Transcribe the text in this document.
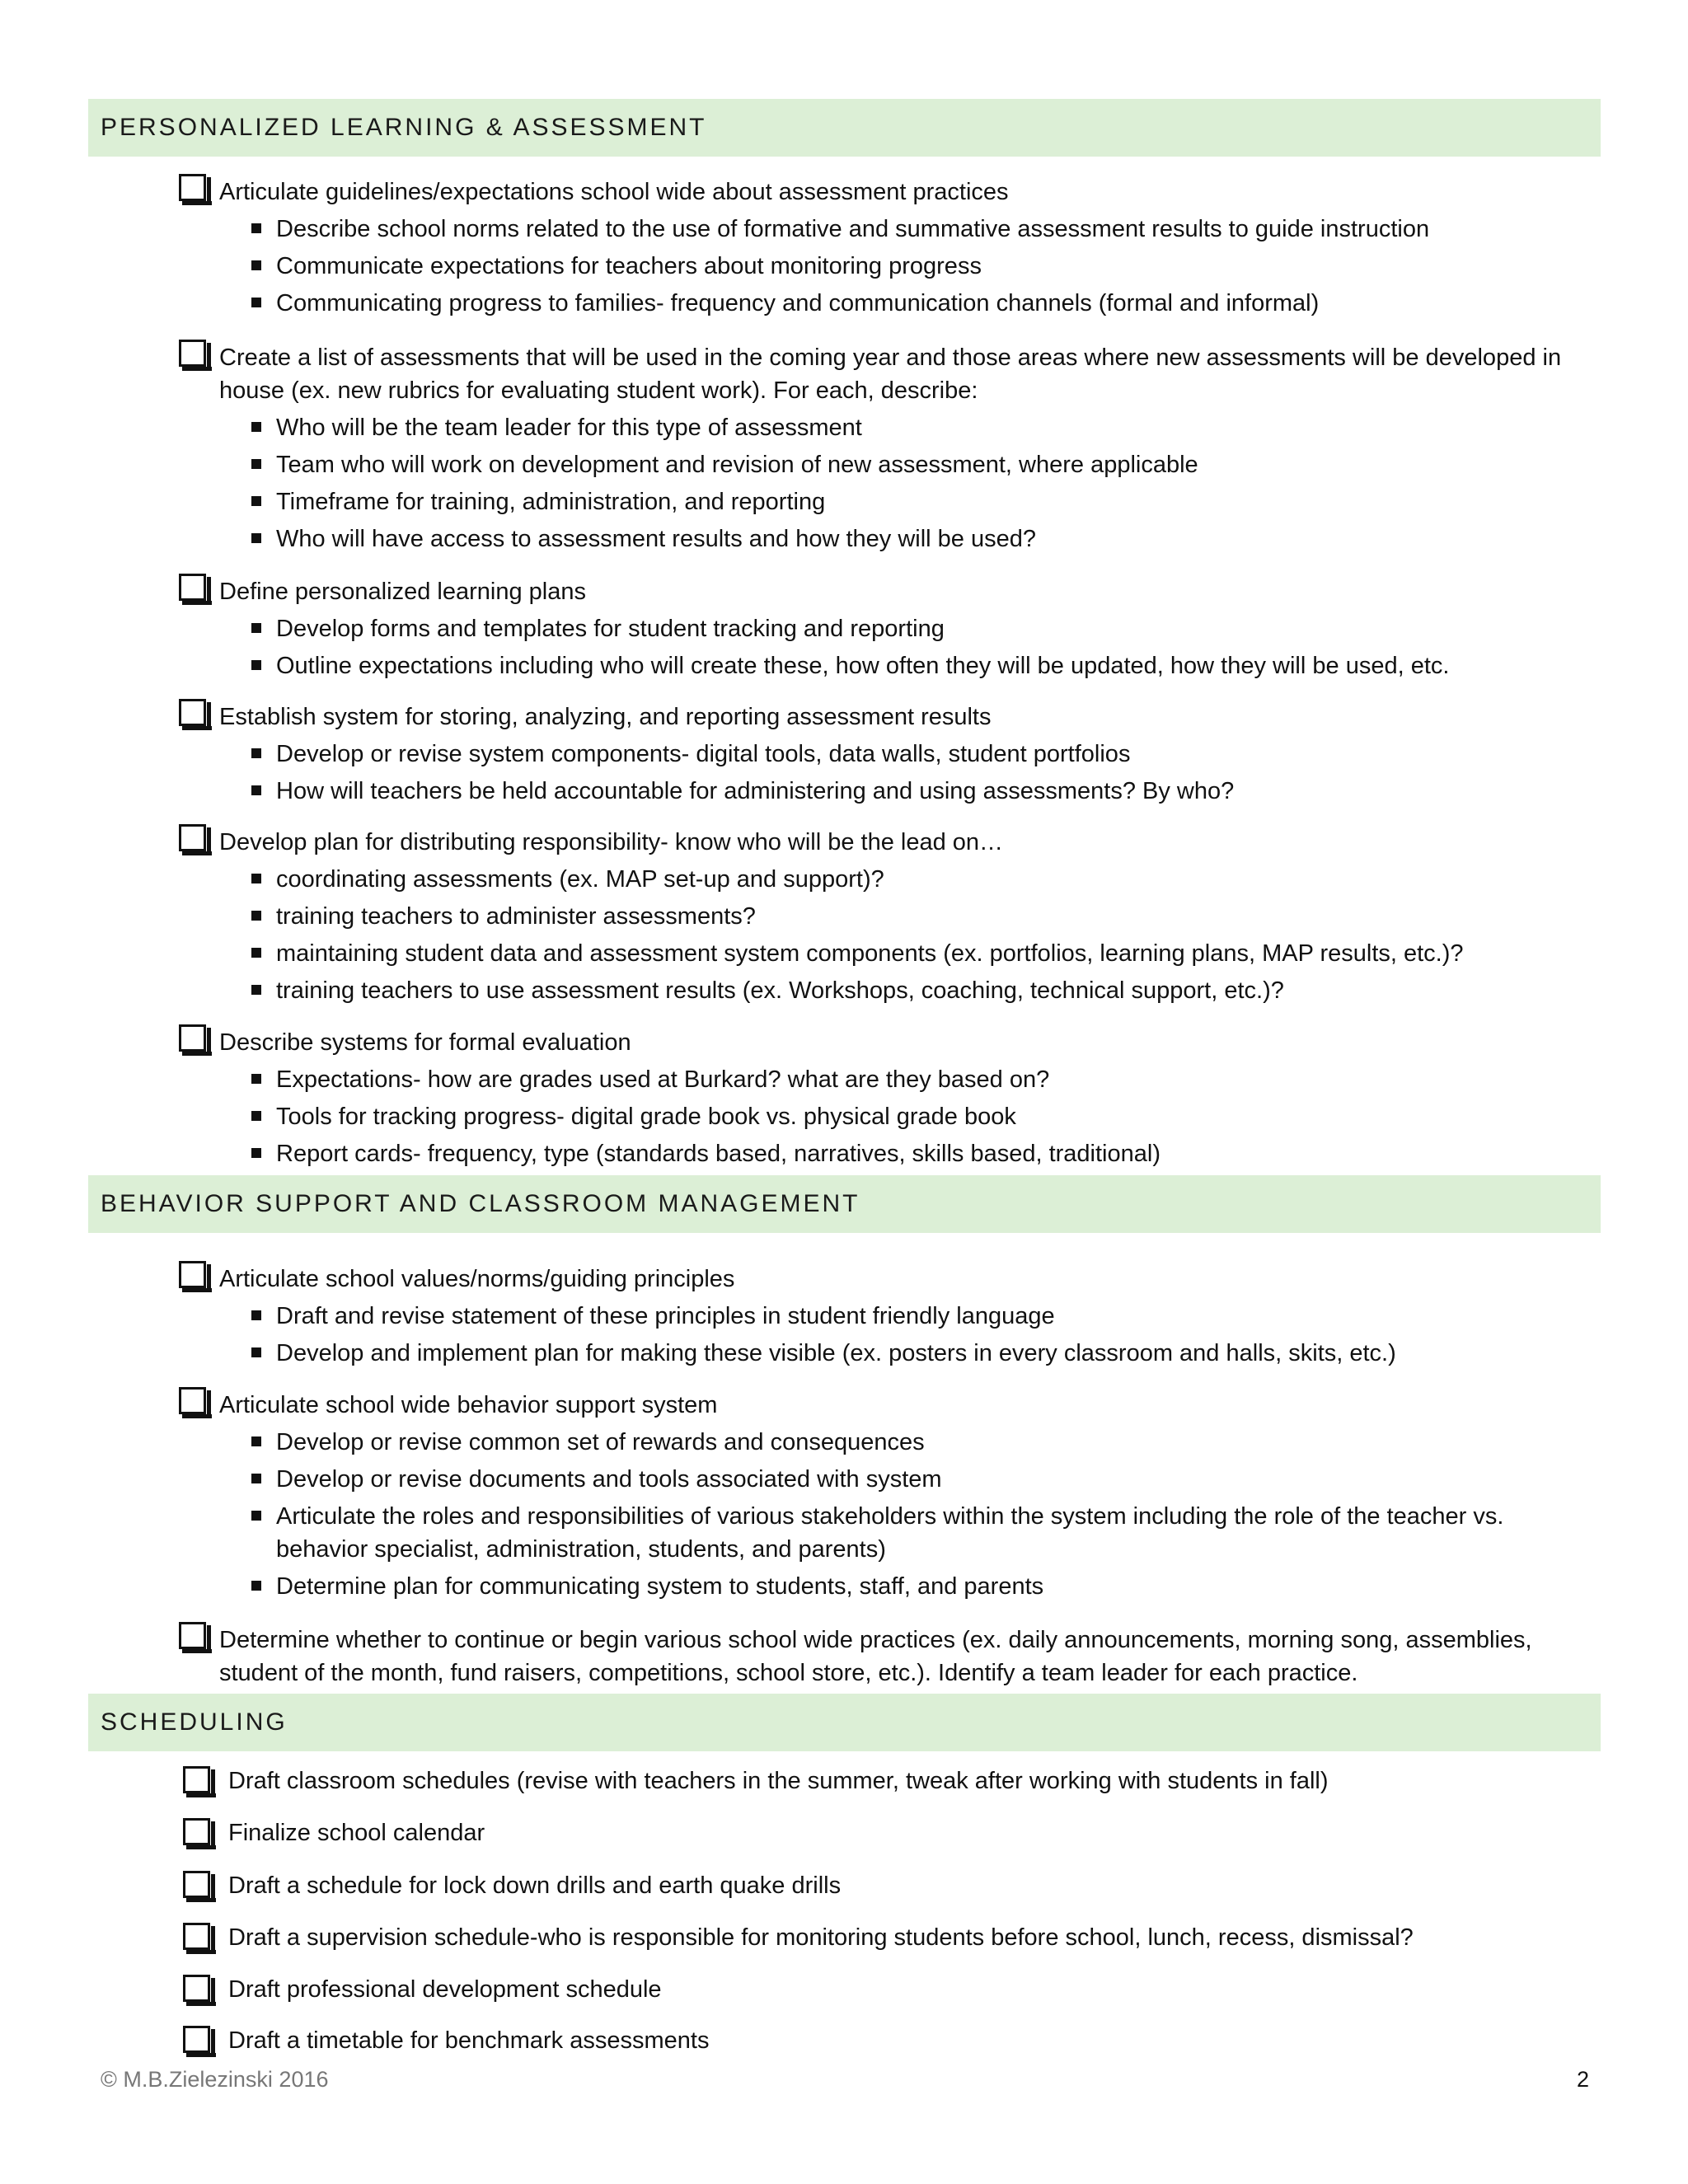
PERSONALIZED LEARNING & ASSESSMENT
Articulate guidelines/expectations school wide about assessment practices
Describe school norms related to the use of formative and summative assessment results to guide instruction
Communicate expectations for teachers about monitoring progress
Communicating progress to families- frequency and communication channels (formal and informal)
Create a list of assessments that will be used in the coming year and those areas where new assessments will be developed in house (ex. new rubrics for evaluating student work). For each, describe:
Who will be the team leader for this type of assessment
Team who will work on development and revision of new assessment, where applicable
Timeframe for training, administration, and reporting
Who will have access to assessment results and how they will be used?
Define personalized learning plans
Develop forms and templates for student tracking and reporting
Outline expectations including who will create these, how often they will be updated, how they will be used, etc.
Establish system for storing, analyzing, and reporting assessment results
Develop or revise system components- digital tools, data walls, student portfolios
How will teachers be held accountable for administering and using assessments? By who?
Develop plan for distributing responsibility- know who will be the lead on…
coordinating assessments (ex. MAP set-up and support)?
training teachers to administer assessments?
maintaining student data and assessment system components (ex. portfolios, learning plans, MAP results, etc.)?
training teachers to use assessment results (ex. Workshops, coaching, technical support, etc.)?
Describe systems for formal evaluation
Expectations- how are grades used at Burkard? what are they based on?
Tools for tracking progress- digital grade book vs. physical grade book
Report cards- frequency, type (standards based, narratives, skills based, traditional)
BEHAVIOR SUPPORT AND CLASSROOM MANAGEMENT
Articulate school values/norms/guiding principles
Draft and revise statement of these principles in student friendly language
Develop and implement plan for making these visible (ex. posters in every classroom and halls, skits, etc.)
Articulate school wide behavior support system
Develop or revise common set of rewards and consequences
Develop or revise documents and tools associated with system
Articulate the roles and responsibilities of various stakeholders within the system including the role of the teacher vs. behavior specialist, administration, students, and parents)
Determine plan for communicating system to students, staff, and parents
Determine whether to continue or begin various school wide practices (ex. daily announcements, morning song, assemblies, student of the month, fund raisers, competitions, school store, etc.). Identify a team leader for each practice.
SCHEDULING
Draft classroom schedules (revise with teachers in the summer, tweak after working with students in fall)
Finalize school calendar
Draft a schedule for lock down drills and earth quake drills
Draft a supervision schedule-who is responsible for monitoring students before school, lunch, recess, dismissal?
Draft professional development schedule
Draft a timetable for benchmark assessments
© M.B.Zielezinski 2016	2
